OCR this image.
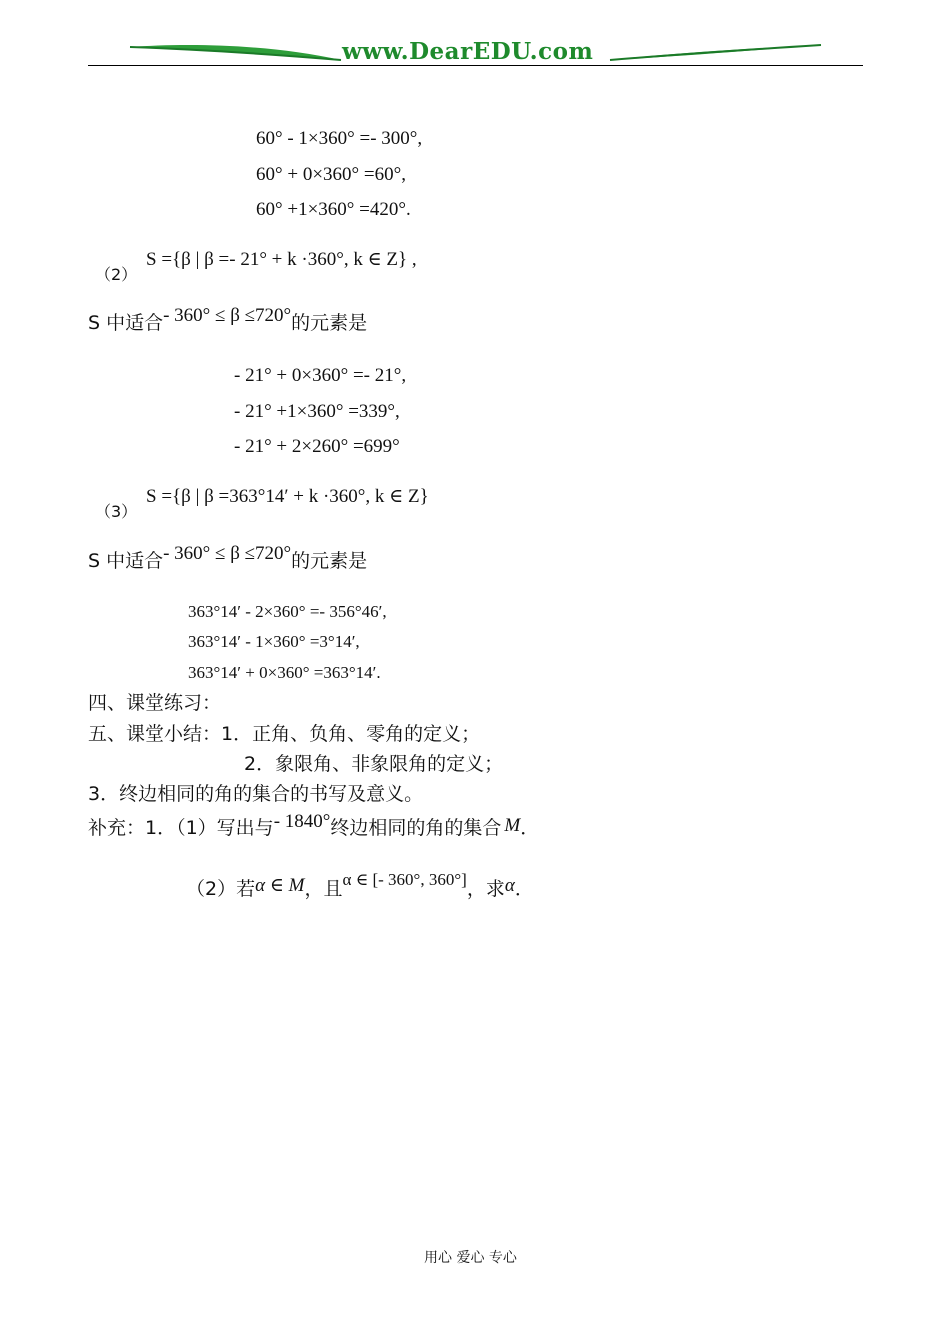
www.DearEDU.com
60° - 1×360° =- 300°,
60° + 0×360° =60°,
60° +1×360° =420°.
（2）
S ={β | β =- 21° + k ·360°, k ∈ Z} ,
S 中适合- 360° ≤ β ≤720°的元素是
- 21° + 0×360° =- 21°,
- 21° +1×360° =339°,
- 21° + 2×260° =699°
（3）
S ={β | β =363°14′ + k ·360°, k ∈ Z}
S 中适合- 360° ≤ β ≤720°的元素是
363°14′ - 2×360° =- 356°46′,
363°14′ - 1×360° =3°14′,
363°14′ + 0×360° =363°14′.
四、课堂练习：
五、课堂小结：1．正角、负角、零角的定义；
2．象限角、非象限角的定义；
3．终边相同的角的集合的书写及意义。
补充：1．（1）写出与- 1840°终边相同的角的集合 M．
（2）若α ∈ M，且α ∈ [- 360°, 360°]，求α．
用心 爱心 专心
